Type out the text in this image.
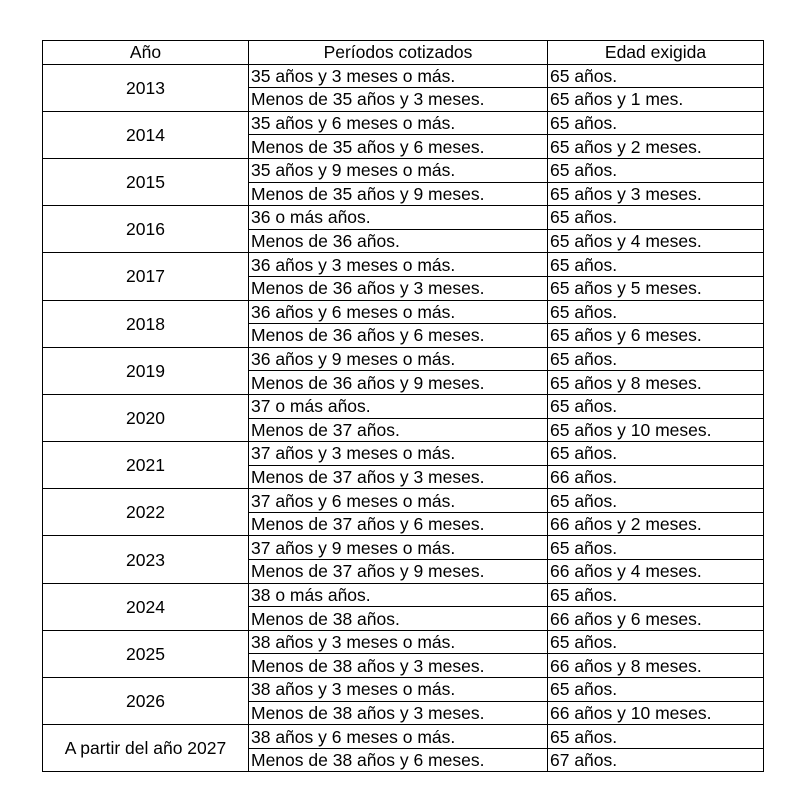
Año	Períodos cotizados	Edad exigida
2013	35 años y 3 meses o más.	65 años.
	Menos de 35 años y 3 meses.	65 años y 1 mes.
2014	35 años y 6 meses o más.	65 años.
	Menos de 35 años y 6 meses.	65 años y 2 meses.
2015	35 años y 9 meses o más.	65 años.
	Menos de 35 años y 9 meses.	65 años y 3 meses.
2016	36 o más años.	65 años.
	Menos de 36 años.	65 años y 4 meses.
2017	36 años y 3 meses o más.	65 años.
	Menos de 36 años y 3 meses.	65 años y 5 meses.
2018	36 años y 6 meses o más.	65 años.
	Menos de 36 años y 6 meses.	65 años y 6 meses.
2019	36 años y 9 meses o más.	65 años.
	Menos de 36 años y 9 meses.	65 años y 8 meses.
2020	37 o más años.	65 años.
	Menos de 37 años.	65 años y 10 meses.
2021	37 años y 3 meses o más.	65 años.
	Menos de 37 años y 3 meses.	66 años.
2022	37 años y 6 meses o más.	65 años.
	Menos de 37 años y 6 meses.	66 años y 2 meses.
2023	37 años y 9 meses o más.	65 años.
	Menos de 37 años y 9 meses.	66 años y 4 meses.
2024	38 o más años.	65 años.
	Menos de 38 años.	66 años y 6 meses.
2025	38 años y 3 meses o más.	65 años.
	Menos de 38 años y 3 meses.	66 años y 8 meses.
2026	38 años y 3 meses o más.	65 años.
	Menos de 38 años y 3 meses.	66 años y 10 meses.
A partir del año 2027	38 años y 6 meses o más.	65 años.
	Menos de 38 años y 6 meses.	67 años.
